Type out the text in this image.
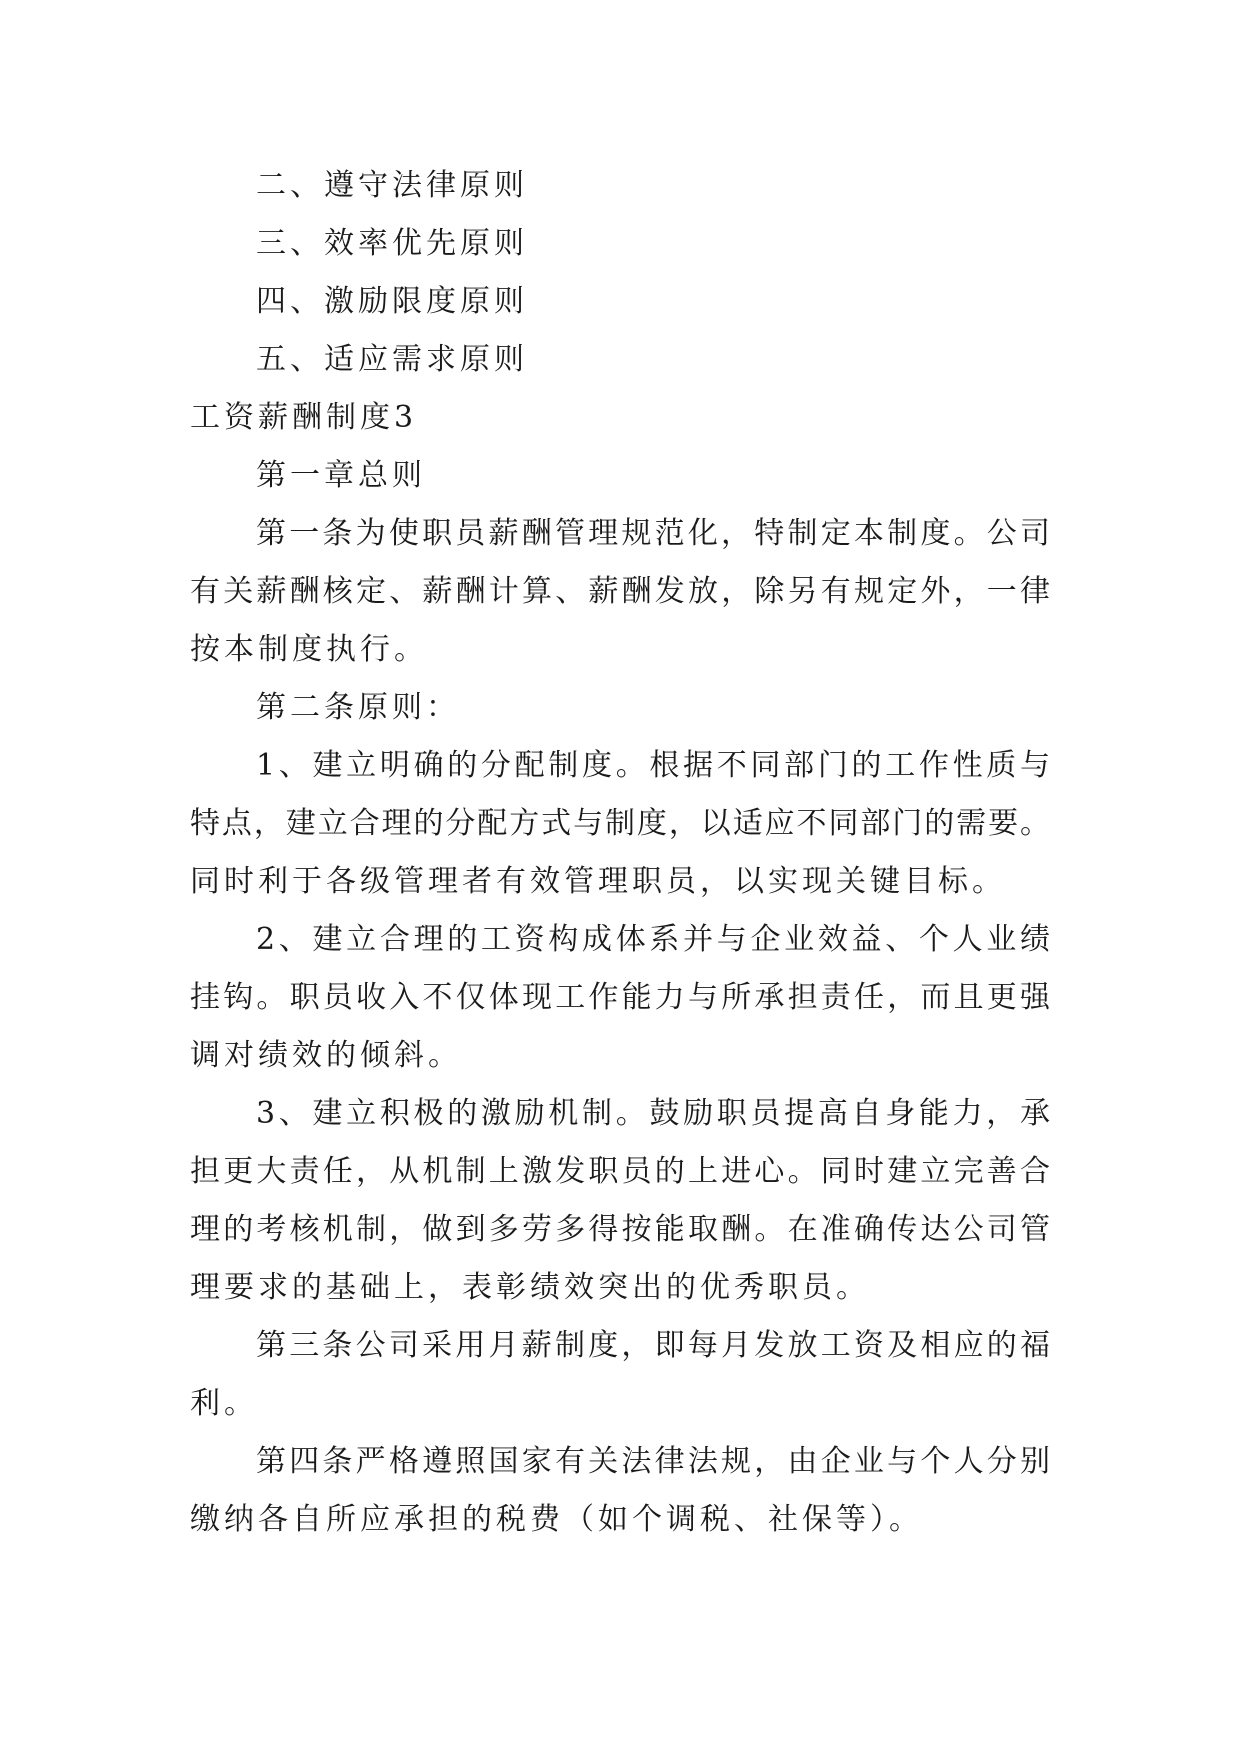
二、遵守法律原则
三、效率优先原则
四、激励限度原则
五、适应需求原则
工资薪酬制度3
第一章总则
第一条为使职员薪酬管理规范化，特制定本制度。公司
有关薪酬核定、薪酬计算、薪酬发放，除另有规定外，一律
按本制度执行。
第二条原则：
1、建立明确的分配制度。根据不同部门的工作性质与
特点，建立合理的分配方式与制度，以适应不同部门的需要。
同时利于各级管理者有效管理职员，以实现关键目标。
2、建立合理的工资构成体系并与企业效益、个人业绩
挂钩。职员收入不仅体现工作能力与所承担责任，而且更强
调对绩效的倾斜。
3、建立积极的激励机制。鼓励职员提高自身能力，承
担更大责任，从机制上激发职员的上进心。同时建立完善合
理的考核机制，做到多劳多得按能取酬。在准确传达公司管
理要求的基础上，表彰绩效突出的优秀职员。
第三条公司采用月薪制度，即每月发放工资及相应的福
利。
第四条严格遵照国家有关法律法规，由企业与个人分别
缴纳各自所应承担的税费（如个调税、社保等）。
